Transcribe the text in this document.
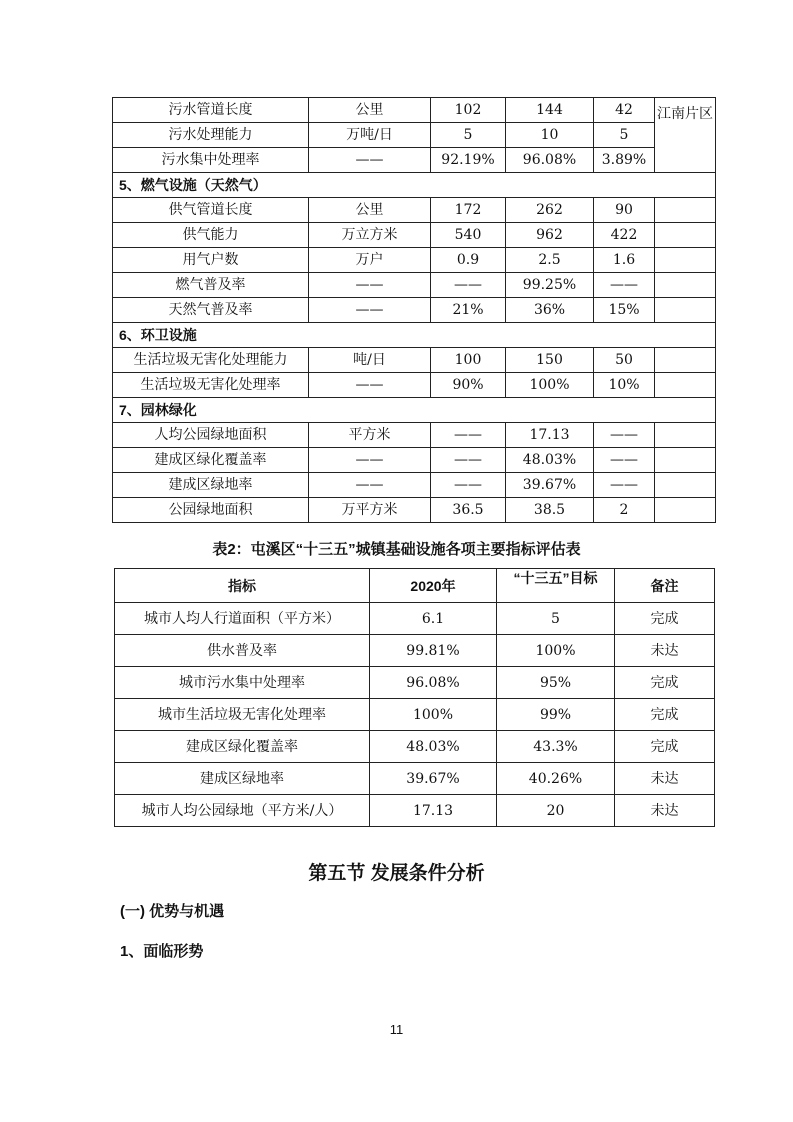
污水管道长度	公里	102	144	42	江南片区
污水处理能力	万吨/日	5	10	5	
污水集中处理率	——	92.19%	96.08%	3.89%	
5、燃气设施（天然气）					
供气管道长度	公里	172	262	90	
供气能力	万立方米	540	962	422	
用气户数	万户	0.9	2.5	1.6	
燃气普及率	——	——	99.25%	——	
天然气普及率	——	21%	36%	15%	
6、环卫设施					
生活垃圾无害化处理能力	吨/日	100	150	50	
生活垃圾无害化处理率	——	90%	100%	10%	
7、园林绿化					
人均公园绿地面积	平方米	——	17.13	——	
建成区绿化覆盖率	——	——	48.03%	——	
建成区绿地率	——	——	39.67%	——	
公园绿地面积	万平方米	36.5	38.5	2	
表2：屯溪区“十三五”城镇基础设施各项主要指标评估表
指标	2020年	“十三五”目标	备注
城市人均人行道面积（平方米）	6.1	5	完成
供水普及率	99.81%	100%	未达
城市污水集中处理率	96.08%	95%	完成
城市生活垃圾无害化处理率	100%	99%	完成
建成区绿化覆盖率	48.03%	43.3%	完成
建成区绿地率	39.67%	40.26%	未达
城市人均公园绿地（平方米/人）	17.13	20	未达
第五节 发展条件分析
(一) 优势与机遇
1、面临形势
11
